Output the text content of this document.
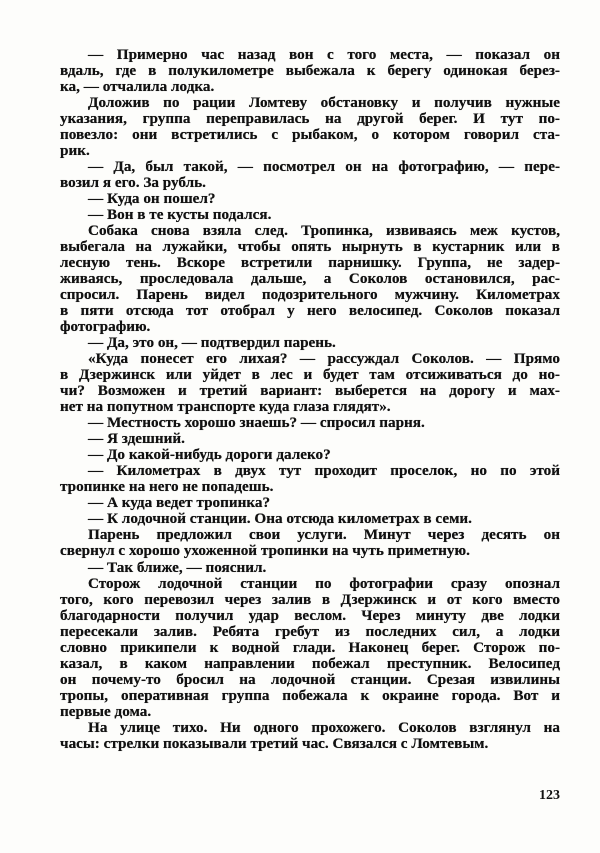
— Примерно час назад вон с того места, — показал он
вдаль, где в полукилометре выбежала к берегу одинокая берез-
ка, — отчалила лодка.
Доложив по рации Ломтеву обстановку и получив нужные
указания, группа переправилась на другой берег. И тут по-
повезло: они встретились с рыбаком, о котором говорил ста-
рик.
— Да, был такой, — посмотрел он на фотографию, — пере-
возил я его. За рубль.
— Куда он пошел?
— Вон в те кусты подался.
Собака снова взяла след. Тропинка, извиваясь меж кустов,
выбегала на лужайки, чтобы опять нырнуть в кустарник или в
лесную тень. Вскоре встретили парнишку. Группа, не задер-
живаясь, проследовала дальше, а Соколов остановился, рас-
спросил. Парень видел подозрительного мужчину. Километрах
в пяти отсюда тот отобрал у него велосипед. Соколов показал
фотографию.
— Да, это он, — подтвердил парень.
«Куда понесет его лихая? — рассуждал Соколов. — Прямо
в Дзержинск или уйдет в лес и будет там отсиживаться до но-
чи? Возможен и третий вариант: выберется на дорогу и мах-
нет на попутном транспорте куда глаза глядят».
— Местность хорошо знаешь? — спросил парня.
— Я здешний.
— До какой-нибудь дороги далеко?
— Километрах в двух тут проходит проселок, но по этой
тропинке на него не попадешь.
— А куда ведет тропинка?
— К лодочной станции. Она отсюда километрах в семи.
Парень предложил свои услуги. Минут через десять он
свернул с хорошо ухоженной тропинки на чуть приметную.
— Так ближе, — пояснил.
Сторож лодочной станции по фотографии сразу опознал
того, кого перевозил через залив в Дзержинск и от кого вместо
благодарности получил удар веслом. Через минуту две лодки
пересекали залив. Ребята гребут из последних сил, а лодки
словно прикипели к водной глади. Наконец берег. Сторож по-
казал, в каком направлении побежал преступник. Велосипед
он почему-то бросил на лодочной станции. Срезая извилины
тропы, оперативная группа побежала к окраине города. Вот и
первые дома.
На улице тихо. Ни одного прохожего. Соколов взглянул на
часы: стрелки показывали третий час. Связался с Ломтевым.
123
